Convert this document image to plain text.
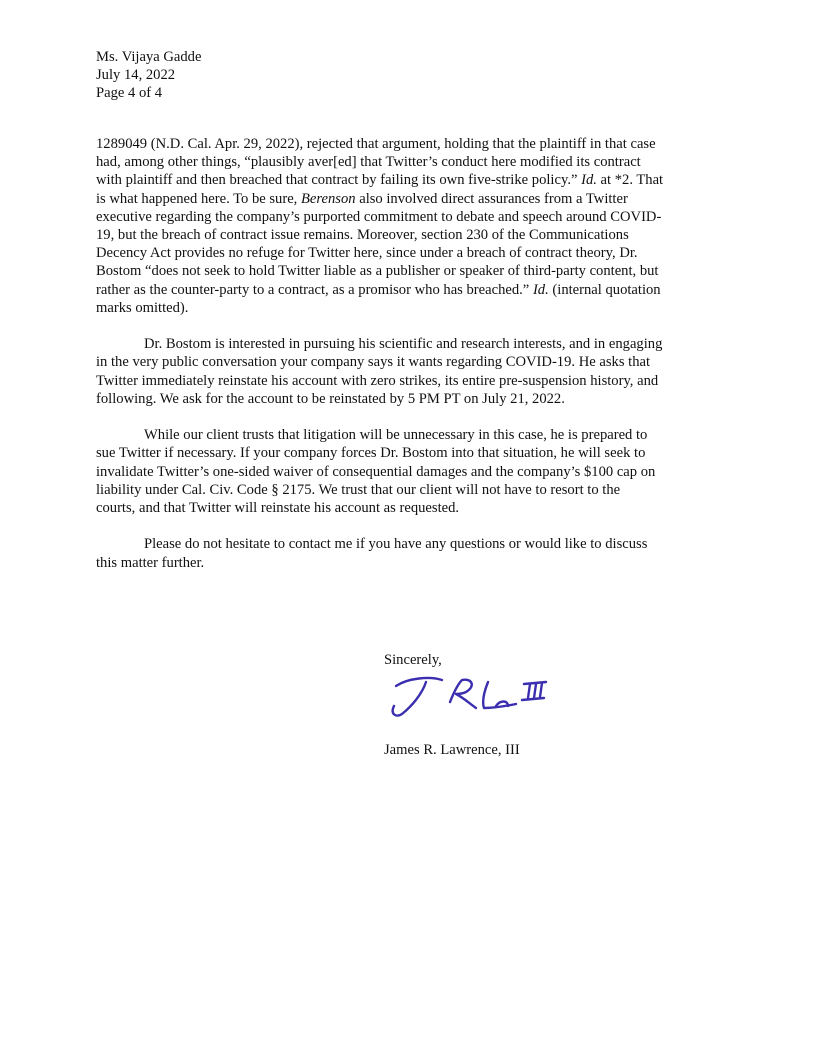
Ms. Vijaya Gadde
July 14, 2022
Page 4 of 4
1289049 (N.D. Cal. Apr. 29, 2022), rejected that argument, holding that the plaintiff in that case
had, among other things, “plausibly aver[ed] that Twitter’s conduct here modified its contract
with plaintiff and then breached that contract by failing its own five-strike policy.” Id. at *2. That
is what happened here. To be sure, Berenson also involved direct assurances from a Twitter
executive regarding the company’s purported commitment to debate and speech around COVID-
19, but the breach of contract issue remains. Moreover, section 230 of the Communications
Decency Act provides no refuge for Twitter here, since under a breach of contract theory, Dr.
Bostom “does not seek to hold Twitter liable as a publisher or speaker of third-party content, but
rather as the counter-party to a contract, as a promisor who has breached.” Id. (internal quotation
marks omitted).
Dr. Bostom is interested in pursuing his scientific and research interests, and in engaging
in the very public conversation your company says it wants regarding COVID-19. He asks that
Twitter immediately reinstate his account with zero strikes, its entire pre-suspension history, and
following. We ask for the account to be reinstated by 5 PM PT on July 21, 2022.
While our client trusts that litigation will be unnecessary in this case, he is prepared to
sue Twitter if necessary. If your company forces Dr. Bostom into that situation, he will seek to
invalidate Twitter’s one-sided waiver of consequential damages and the company’s $100 cap on
liability under Cal. Civ. Code § 2175. We trust that our client will not have to resort to the
courts, and that Twitter will reinstate his account as requested.
Please do not hesitate to contact me if you have any questions or would like to discuss
this matter further.
Sincerely,
James R. Lawrence, III
